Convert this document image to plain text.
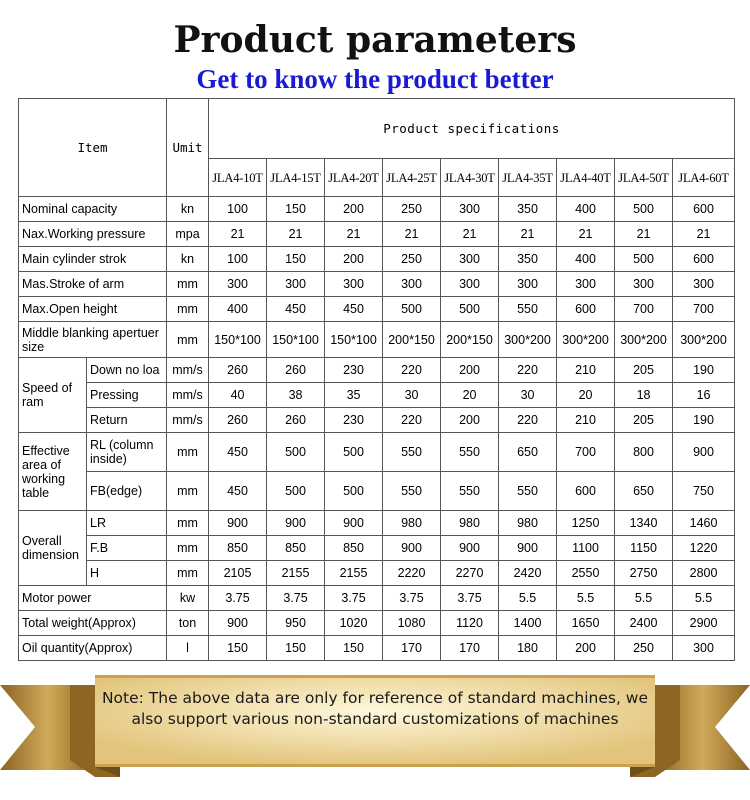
Product parameters
Get to know the product better
Item		Umit	Product specifications								
			JLA4-10T	JLA4-15T	JLA4-20T	JLA4-25T	JLA4-30T	JLA4-35T	JLA4-40T	JLA4-50T	JLA4-60T
Nominal capacity		kn	100	150	200	250	300	350	400	500	600
Nax.Working pressure		mpa	21	21	21	21	21	21	21	21	21
Main cylinder strok		kn	100	150	200	250	300	350	400	500	600
Mas.Stroke of arm		mm	300	300	300	300	300	300	300	300	300
Max.Open height		mm	400	450	450	500	500	550	600	700	700
Middle blanking apertuer size		mm	150*100	150*100	150*100	200*150	200*150	300*200	300*200	300*200	300*200
Speed of ram	Down no loa	mm/s	260	260	230	220	200	220	210	205	190
	Pressing	mm/s	40	38	35	30	20	30	20	18	16
	Return	mm/s	260	260	230	220	200	220	210	205	190
Effective area of working table	RL (column inside)	mm	450	500	500	550	550	650	700	800	900
	FB(edge)	mm	450	500	500	550	550	550	600	650	750
Overall dimension	LR	mm	900	900	900	980	980	980	1250	1340	1460
	F.B	mm	850	850	850	900	900	900	1100	1150	1220
	H	mm	2105	2155	2155	2220	2270	2420	2550	2750	2800
Motor power		kw	3.75	3.75	3.75	3.75	3.75	5.5	5.5	5.5	5.5
Total weight(Approx)		ton	900	950	1020	1080	1120	1400	1650	2400	2900
Oil quantity(Approx)		l	150	150	150	170	170	180	200	250	300
Note: The above data are only for reference of standard machines, we
also support various non-standard customizations of machines
